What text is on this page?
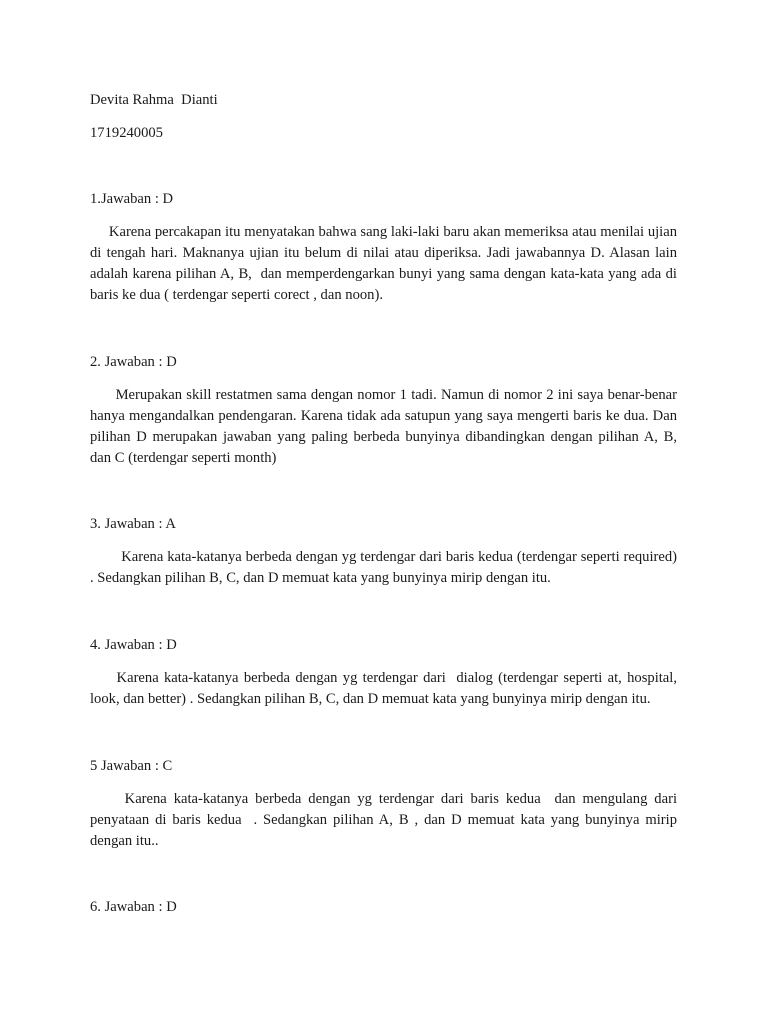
Devita Rahma  Dianti

1719240005

1.Jawaban : D

Karena percakapan itu menyatakan bahwa sang laki-laki baru akan memeriksa atau menilai ujian di tengah hari. Maknanya ujian itu belum di nilai atau diperiksa. Jadi jawabannya D. Alasan lain adalah karena pilihan A, B,  dan memperdengarkan bunyi yang sama dengan kata-kata yang ada di baris ke dua ( terdengar seperti corect , dan noon).

2. Jawaban : D

Merupakan skill restatmen sama dengan nomor 1 tadi. Namun di nomor 2 ini saya benar-benar hanya mengandalkan pendengaran. Karena tidak ada satupun yang saya mengerti baris ke dua. Dan pilihan D merupakan jawaban yang paling berbeda bunyinya dibandingkan dengan pilihan A, B, dan C (terdengar seperti month)

3. Jawaban : A

Karena kata-katanya berbeda dengan yg terdengar dari baris kedua (terdengar seperti required) . Sedangkan pilihan B, C, dan D memuat kata yang bunyinya mirip dengan itu.

4. Jawaban : D

Karena kata-katanya berbeda dengan yg terdengar dari  dialog (terdengar seperti at, hospital, look, dan better) . Sedangkan pilihan B, C, dan D memuat kata yang bunyinya mirip dengan itu.

5 Jawaban : C

Karena kata-katanya berbeda dengan yg terdengar dari baris kedua  dan mengulang dari penyataan di baris kedua  . Sedangkan pilihan A, B , dan D memuat kata yang bunyinya mirip dengan itu..

6. Jawaban : D
